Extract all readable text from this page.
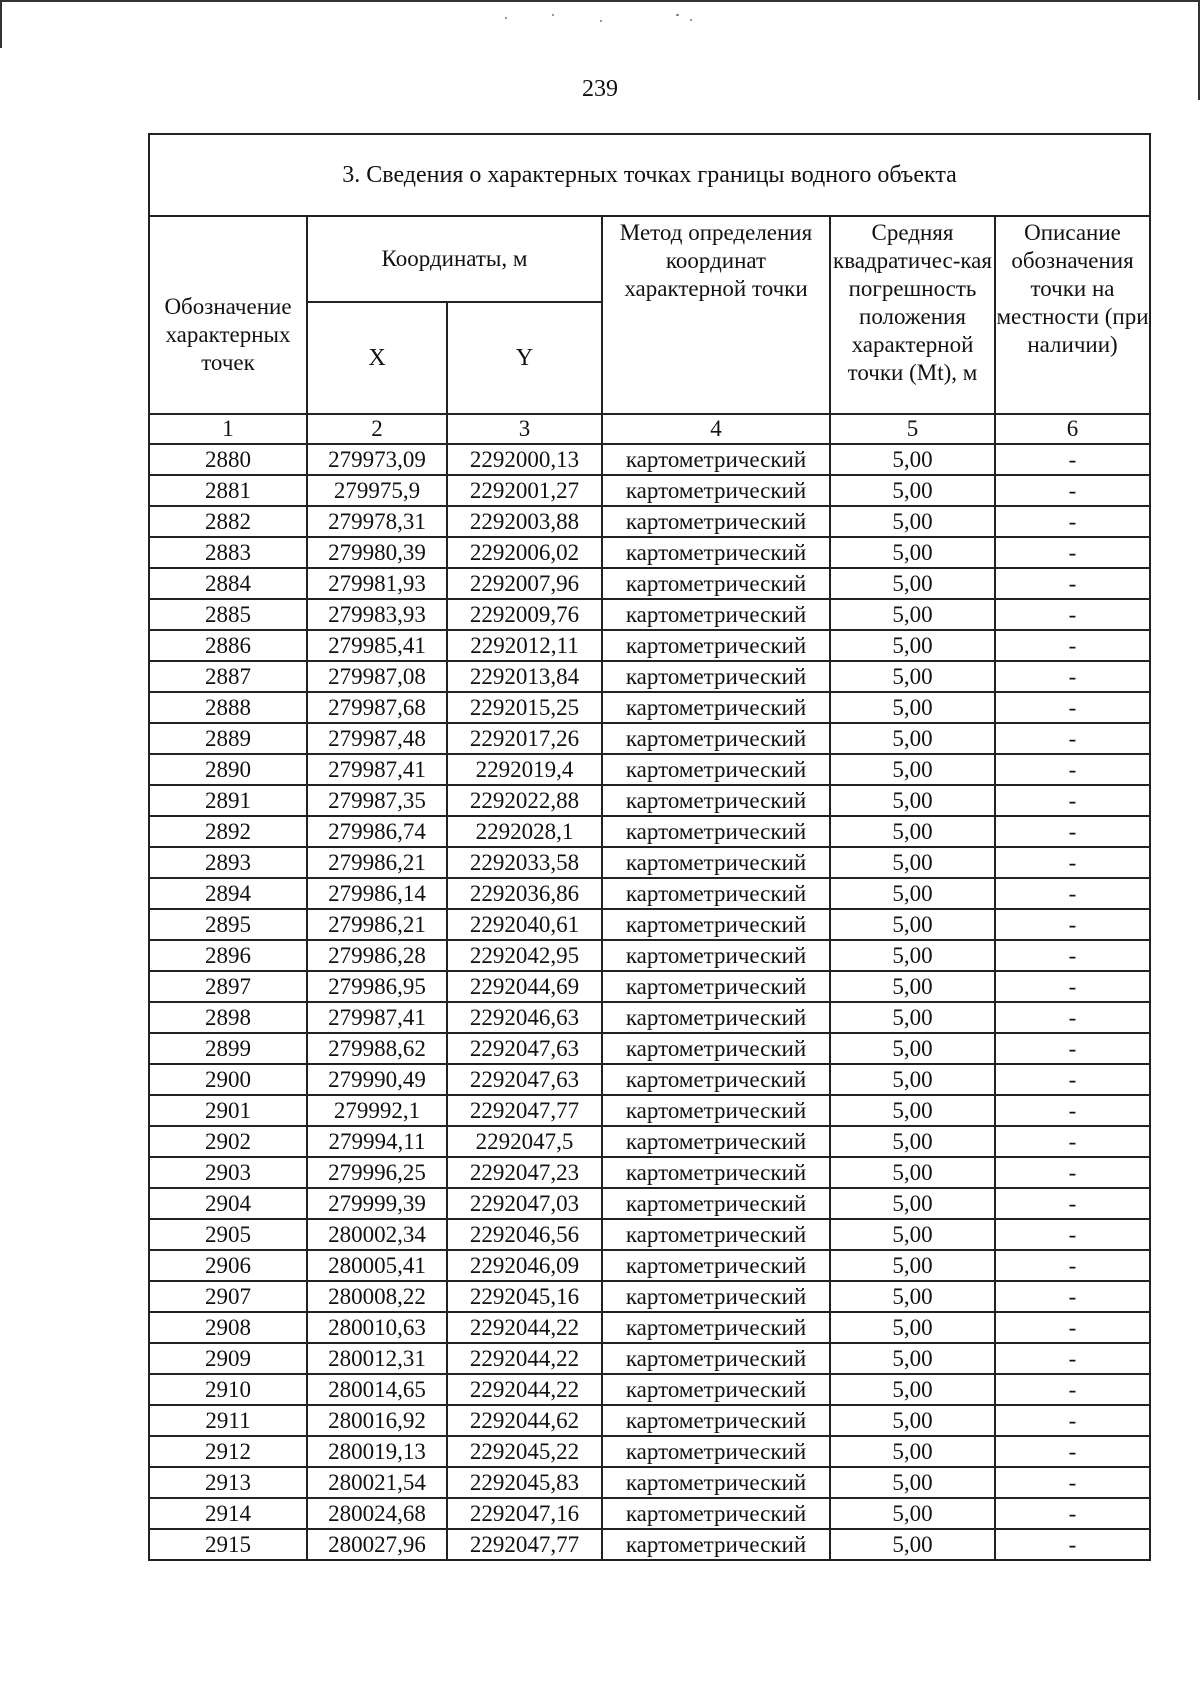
239
3. Сведения о характерных точках границы водного объекта					
Обозначение характерных точек	Координаты, м		Метод определения координат характерной точки	Средняя квадратичес-кая погрешность положения характерной точки (Mt), м	Описание обозначения точки на местности (при наличии)
	X	Y			
1	2	3	4	5	6
2880	279973,09	2292000,13	картометрический	5,00	-
2881	279975,9	2292001,27	картометрический	5,00	-
2882	279978,31	2292003,88	картометрический	5,00	-
2883	279980,39	2292006,02	картометрический	5,00	-
2884	279981,93	2292007,96	картометрический	5,00	-
2885	279983,93	2292009,76	картометрический	5,00	-
2886	279985,41	2292012,11	картометрический	5,00	-
2887	279987,08	2292013,84	картометрический	5,00	-
2888	279987,68	2292015,25	картометрический	5,00	-
2889	279987,48	2292017,26	картометрический	5,00	-
2890	279987,41	2292019,4	картометрический	5,00	-
2891	279987,35	2292022,88	картометрический	5,00	-
2892	279986,74	2292028,1	картометрический	5,00	-
2893	279986,21	2292033,58	картометрический	5,00	-
2894	279986,14	2292036,86	картометрический	5,00	-
2895	279986,21	2292040,61	картометрический	5,00	-
2896	279986,28	2292042,95	картометрический	5,00	-
2897	279986,95	2292044,69	картометрический	5,00	-
2898	279987,41	2292046,63	картометрический	5,00	-
2899	279988,62	2292047,63	картометрический	5,00	-
2900	279990,49	2292047,63	картометрический	5,00	-
2901	279992,1	2292047,77	картометрический	5,00	-
2902	279994,11	2292047,5	картометрический	5,00	-
2903	279996,25	2292047,23	картометрический	5,00	-
2904	279999,39	2292047,03	картометрический	5,00	-
2905	280002,34	2292046,56	картометрический	5,00	-
2906	280005,41	2292046,09	картометрический	5,00	-
2907	280008,22	2292045,16	картометрический	5,00	-
2908	280010,63	2292044,22	картометрический	5,00	-
2909	280012,31	2292044,22	картометрический	5,00	-
2910	280014,65	2292044,22	картометрический	5,00	-
2911	280016,92	2292044,62	картометрический	5,00	-
2912	280019,13	2292045,22	картометрический	5,00	-
2913	280021,54	2292045,83	картометрический	5,00	-
2914	280024,68	2292047,16	картометрический	5,00	-
2915	280027,96	2292047,77	картометрический	5,00	-
